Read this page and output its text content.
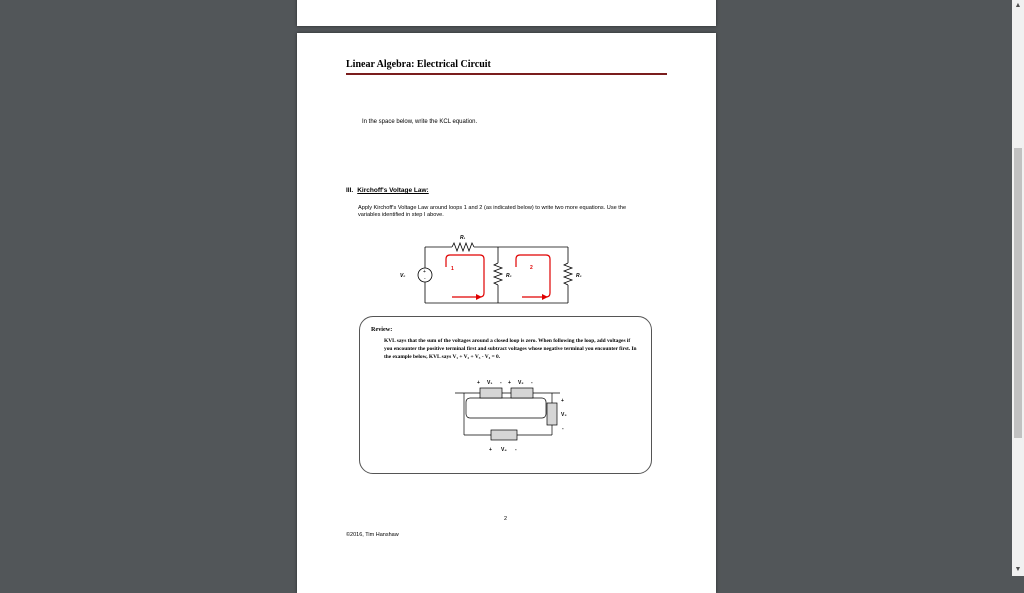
Linear Algebra: Electrical Circuit
In the space below, write the KCL equation.
III. Kirchoff's Voltage Law:
Apply Kirchoff's Voltage Law around loops 1 and 2 (as indicated below) to write two more equations. Use the variables identified in step I above.
V₀
+
-
R₁
R₂	R₃
1	2
Review:
KVL says that the sum of the voltages around a closed loop is zero. When following the loop, add voltages if you encounter the positive terminal first and subtract voltages whose negative terminal you encounter first. In the example below, KVL says V₁ + V₂ + V₃ - V₄ = 0.
+ V₁ - + V₂ -
+
V₃
-
+ V₄ -
2
©2016, Tim Hanshaw
▲
▼
